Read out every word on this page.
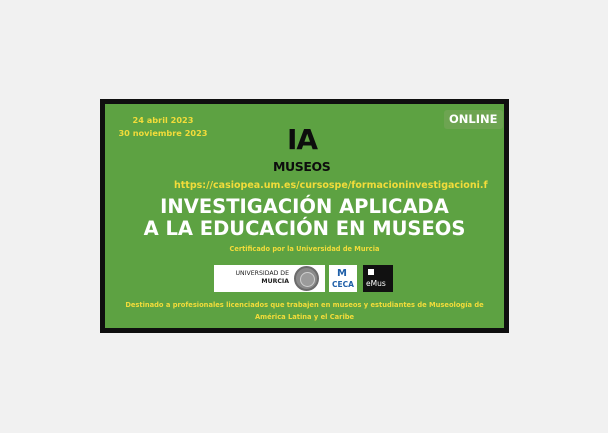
24 abril 2023
30 noviembre 2023
ONLINE
IA
MUSEOS
https://casiopea.um.es/cursospe/formacioninvestigacioni.f
INVESTIGACIÓN APLICADA
A LA EDUCACIÓN EN MUSEOS
Certificado por la Universidad de Murcia
UNIVERSIDAD DE
MURCIA
M
CECA	eMus
Destinado a profesionales licenciados que trabajen en museos y estudiantes de Museología de
América Latina y el Caribe
